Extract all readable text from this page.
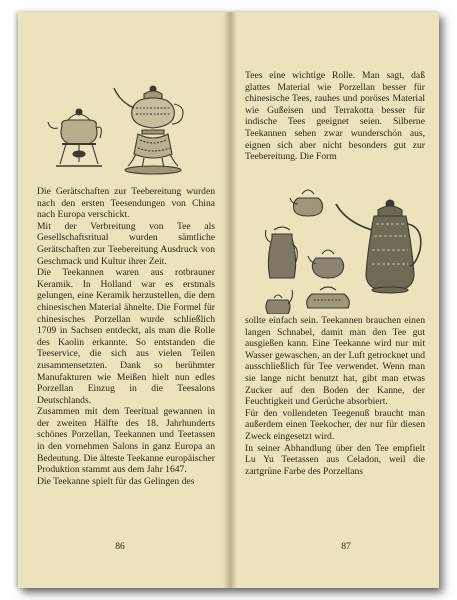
Die Gerätschaften zur Teebereitung wurden nach den ersten Teesendungen von China nach Europa verschickt.

Mit der Verbreitung von Tee als Gesellschaftsritual wurden sämtliche Gerätschaften zur Teebereitung Ausdruck von Geschmack und Kultur ihrer Zeit.

Die Teekannen waren aus rotbrauner Keramik. In Holland war es erstmals gelungen, eine Keramik herzustellen, die dem chinesischen Material ähnelte. Die Formel für chinesisches Porzellan wurde schließlich 1709 in Sachsen entdeckt, als man die Rolle des Kaolin erkannte. So entstanden die Teeservice, die sich aus vielen Teilen zusammensetzten. Dank so berühmter Manufakturen wie Meißen hielt nun edles Porzellan Einzug in die Teesalons Deutschlands.

Zusammen mit dem Teeritual gewannen in der zweiten Hälfte des 18. Jahrhunderts schönes Porzellan, Teekannen und Teetassen in den vornehmen Salons in ganz Europa an Bedeutung. Die älteste Teekanne europäischer Produktion stammt aus dem Jahr 1647.

Die Teekanne spielt für das Gelingen des

86

Tees eine wichtige Rolle. Man sagt, daß glattes Material wie Porzellan besser für chinesische Tees, rauhes und poröses Material wie Gußeisen und Terrakotta besser für indische Tees geeignet seien. Silberne Teekannen sehen zwar wunderschön aus, eignen sich aber nicht besonders gut zur Teebereitung. Die Form

sollte einfach sein. Teekannen brauchen einen langen Schnabel, damit man den Tee gut ausgießen kann. Eine Teekanne wird nur mit Wasser gewaschen, an der Luft getrocknet und ausschließlich für Tee verwendet. Wenn man sie lange nicht benutzt hat, gibt man etwas Zucker auf den Boden der Kanne, der Feuchtigkeit und Gerüche absorbiert.

Für den vollendeten Teegenuß braucht man außerdem einen Teekocher, der nur für diesen Zweck eingesetzt wird.

In seiner Abhandlung über den Tee empfielt Lu Yu Teetassen aus Celadon, weil die zartgrüne Farbe des Porzellans

87
